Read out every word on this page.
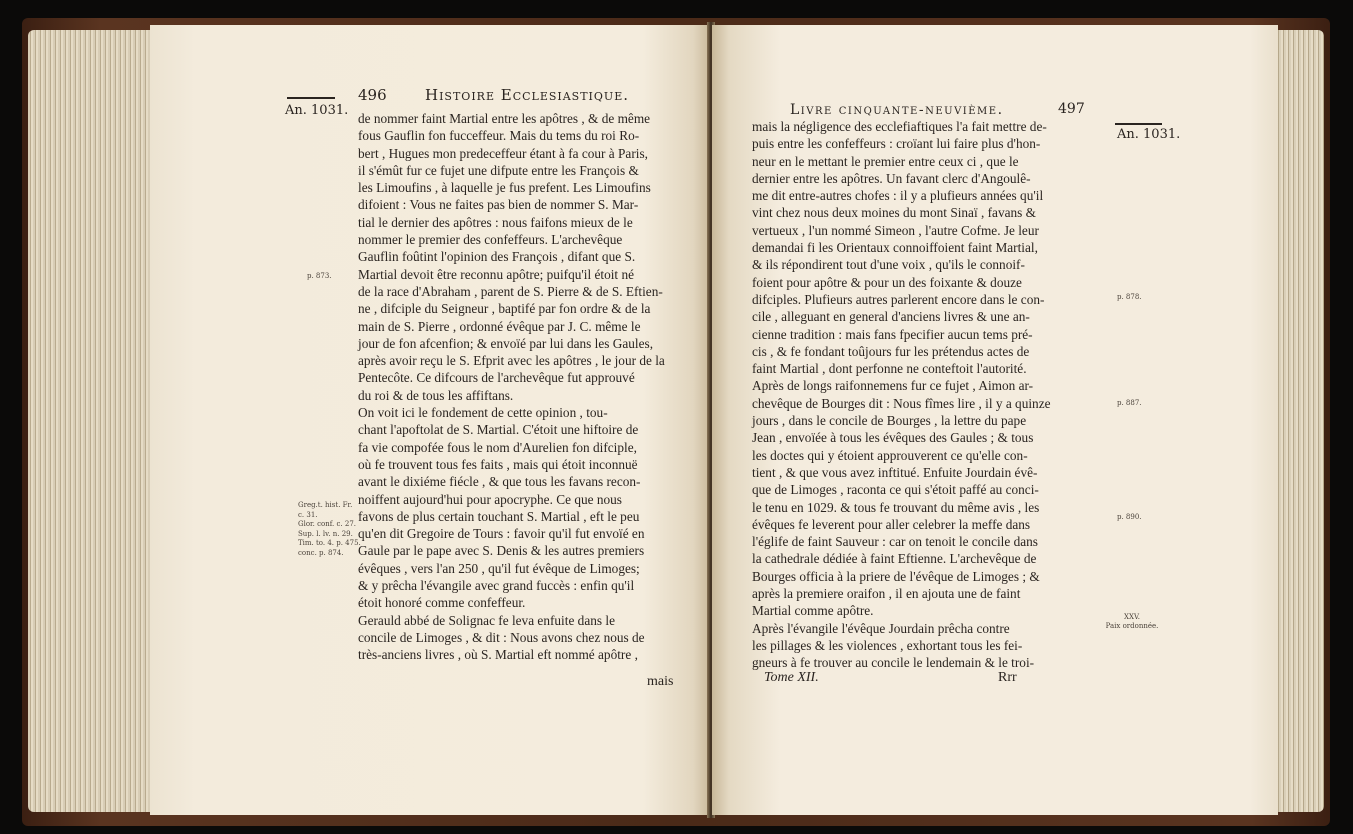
An. 1031.
p. 873.
Greg.t. hist. Fr.
c. 31.
Glor. conf. c. 27.
Sup. l. lv. n. 29.
Tim. to. 4. p. 475.
conc. p. 874.
496	Histoire Ecclesiastique.
de nommer faint Martial entre les apôtres , & de même
fous Gauflin fon fucceffeur. Mais du tems du roi Ro-
bert , Hugues mon predeceffeur étant à fa cour à Paris,
il s'émût fur ce fujet une difpute entre les François &
les Limoufins , à laquelle je fus prefent. Les Limoufins
difoient : Vous ne faites pas bien de nommer S. Mar-
tial le dernier des apôtres : nous faifons mieux de le
nommer le premier des confeffeurs. L'archevêque
Gauflin foûtint l'opinion des François , difant que S.
Martial devoit être reconnu apôtre; puifqu'il étoit né
de la race d'Abraham , parent de S. Pierre & de S. Eftien-
ne , difciple du Seigneur , baptifé par fon ordre & de la
main de S. Pierre , ordonné évêque par J. C. même le
jour de fon afcenfion; & envoïé par lui dans les Gaules,
après avoir reçu le S. Efprit avec les apôtres , le jour de la
Pentecôte. Ce difcours de l'archevêque fut approuvé
du roi & de tous les affiftans.
On voit ici le fondement de cette opinion , tou-
chant l'apoftolat de S. Martial. C'étoit une hiftoire de
fa vie compofée fous le nom d'Aurelien fon difciple,
où fe trouvent tous fes faits , mais qui étoit inconnuë
avant le dixiéme fiécle , & que tous les favans recon-
noiffent aujourd'hui pour apocryphe. Ce que nous
favons de plus certain touchant S. Martial , eft le peu
qu'en dit Gregoire de Tours : favoir qu'il fut envoïé en
Gaule par le pape avec S. Denis & les autres premiers
évêques , vers l'an 250 , qu'il fut évêque de Limoges;
& y prêcha l'évangile avec grand fuccès : enfin qu'il
étoit honoré comme confeffeur.
Gerauld abbé de Solignac fe leva enfuite dans le
concile de Limoges , & dit : Nous avons chez nous de
très-anciens livres , où S. Martial eft nommé apôtre ,
mais
Livre cinquante-neuvième.	497
An. 1031.
p. 878.
p. 887.
p. 890.
XXV.
Paix ordonnée.
mais la négligence des ecclefiaftiques l'a fait mettre de-
puis entre les confeffeurs : croïant lui faire plus d'hon-
neur en le mettant le premier entre ceux ci , que le
dernier entre les apôtres. Un favant clerc d'Angoulê-
me dit entre-autres chofes : il y a plufieurs années qu'il
vint chez nous deux moines du mont Sinaï , favans &
vertueux , l'un nommé Simeon , l'autre Cofme. Je leur
demandai fi les Orientaux connoiffoient faint Martial,
& ils répondirent tout d'une voix , qu'ils le connoif-
foient pour apôtre & pour un des foixante & douze
difciples. Plufieurs autres parlerent encore dans le con-
cile , alleguant en general d'anciens livres & une an-
cienne tradition : mais fans fpecifier aucun tems pré-
cis , & fe fondant toûjours fur les prétendus actes de
faint Martial , dont perfonne ne conteftoit l'autorité.
Après de longs raifonnemens fur ce fujet , Aimon ar-
chevêque de Bourges dit : Nous fîmes lire , il y a quinze
jours , dans le concile de Bourges , la lettre du pape
Jean , envoïée à tous les évêques des Gaules ; & tous
les doctes qui y étoient approuverent ce qu'elle con-
tient , & que vous avez inftitué. Enfuite Jourdain évê-
que de Limoges , raconta ce qui s'étoit paffé au conci-
le tenu en 1029. & tous fe trouvant du même avis , les
évêques fe leverent pour aller celebrer la meffe dans
l'églife de faint Sauveur : car on tenoit le concile dans
la cathedrale dédiée à faint Eftienne. L'archevêque de
Bourges officia à la priere de l'évêque de Limoges ; &
après la premiere oraifon , il en ajouta une de faint
Martial comme apôtre.
Après l'évangile l'évêque Jourdain prêcha contre
les pillages & les violences , exhortant tous les fei-
gneurs à fe trouver au concile le lendemain & le troi-
Tome XII.	Rrr
